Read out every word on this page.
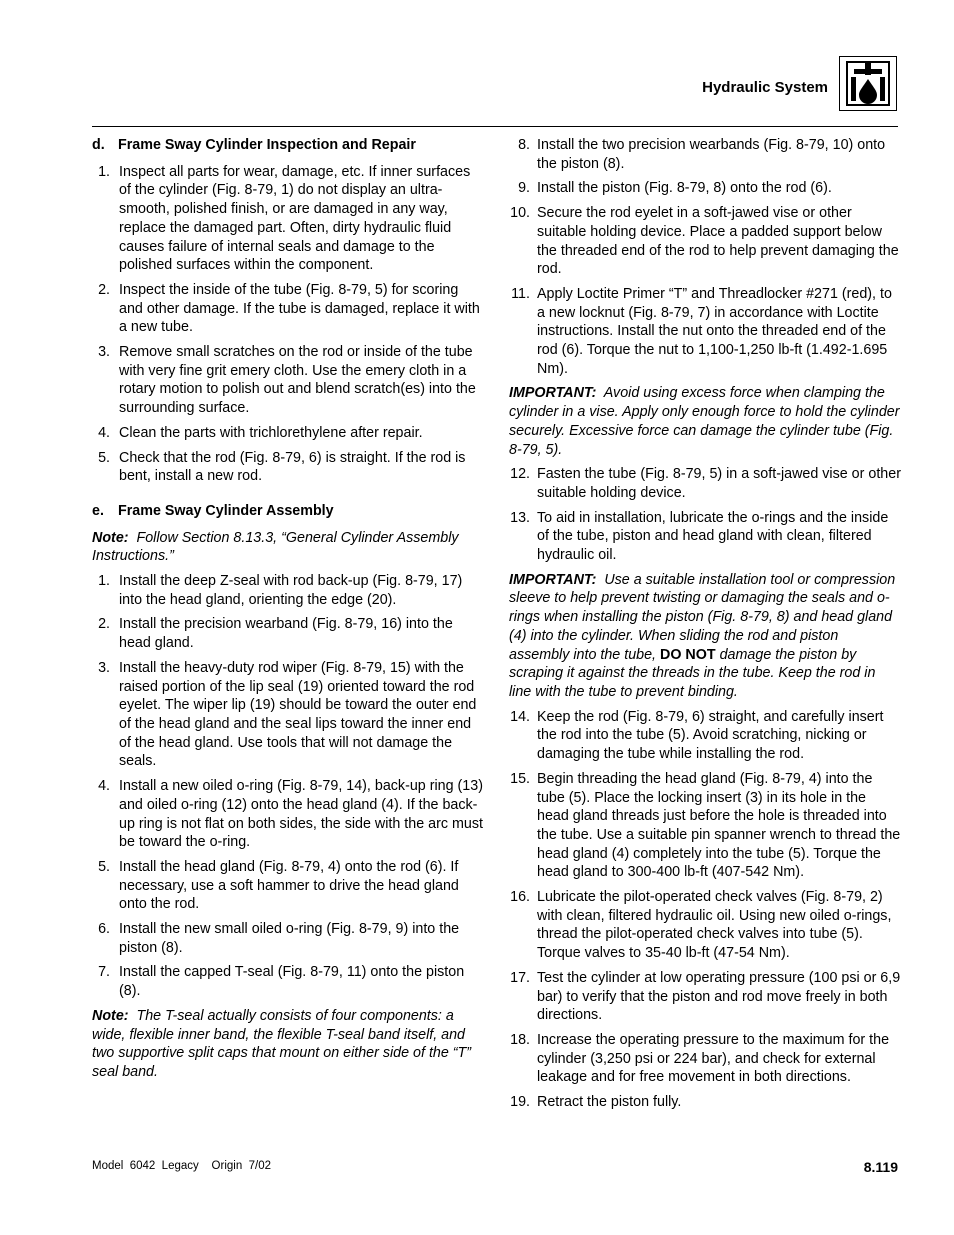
Hydraulic System

d. Frame Sway Cylinder Inspection and Repair

1. Inspect all parts for wear, damage, etc. If inner surfaces of the cylinder (Fig. 8-79, 1) do not display an ultra-smooth, polished finish, or are damaged in any way, replace the damaged part. Often, dirty hydraulic fluid causes failure of internal seals and damage to the polished surfaces within the component.
2. Inspect the inside of the tube (Fig. 8-79, 5) for scoring and other damage. If the tube is damaged, replace it with a new tube.
3. Remove small scratches on the rod or inside of the tube with very fine grit emery cloth. Use the emery cloth in a rotary motion to polish out and blend scratch(es) into the surrounding surface.
4. Clean the parts with trichlorethylene after repair.
5. Check that the rod (Fig. 8-79, 6) is straight. If the rod is bent, install a new rod.

e. Frame Sway Cylinder Assembly

Note: Follow Section 8.13.3, “General Cylinder Assembly Instructions.”

1. Install the deep Z-seal with rod back-up (Fig. 8-79, 17) into the head gland, orienting the edge (20).
2. Install the precision wearband (Fig. 8-79, 16) into the head gland.
3. Install the heavy-duty rod wiper (Fig. 8-79, 15) with the raised portion of the lip seal (19) oriented toward the rod eyelet. The wiper lip (19) should be toward the outer end of the head gland and the seal lips toward the inner end of the head gland. Use tools that will not damage the seals.
4. Install a new oiled o-ring (Fig. 8-79, 14), back-up ring (13) and oiled o-ring (12) onto the head gland (4). If the back-up ring is not flat on both sides, the side with the arc must be toward the o-ring.
5. Install the head gland (Fig. 8-79, 4) onto the rod (6). If necessary, use a soft hammer to drive the head gland onto the rod.
6. Install the new small oiled o-ring (Fig. 8-79, 9) into the piston (8).
7. Install the capped T-seal (Fig. 8-79, 11) onto the piston (8).

Note: The T-seal actually consists of four components: a wide, flexible inner band, the flexible T-seal band itself, and two supportive split caps that mount on either side of the “T” seal band.

8. Install the two precision wearbands (Fig. 8-79, 10) onto the piston (8).
9. Install the piston (Fig. 8-79, 8) onto the rod (6).
10. Secure the rod eyelet in a soft-jawed vise or other suitable holding device. Place a padded support below the threaded end of the rod to help prevent damaging the rod.
11. Apply Loctite Primer “T” and Threadlocker #271 (red), to a new locknut (Fig. 8-79, 7) in accordance with Loctite instructions. Install the nut onto the threaded end of the rod (6). Torque the nut to 1,100-1,250 lb-ft (1.492-1.695 Nm).

IMPORTANT: Avoid using excess force when clamping the cylinder in a vise. Apply only enough force to hold the cylinder securely. Excessive force can damage the cylinder tube (Fig. 8-79, 5).

12. Fasten the tube (Fig. 8-79, 5) in a soft-jawed vise or other suitable holding device.
13. To aid in installation, lubricate the o-rings and the inside of the tube, piston and head gland with clean, filtered hydraulic oil.

IMPORTANT: Use a suitable installation tool or compression sleeve to help prevent twisting or damaging the seals and o-rings when installing the piston (Fig. 8-79, 8) and head gland (4) into the cylinder. When sliding the rod and piston assembly into the tube, DO NOT damage the piston by scraping it against the threads in the tube. Keep the rod in line with the tube to prevent binding.

14. Keep the rod (Fig. 8-79, 6) straight, and carefully insert the rod into the tube (5). Avoid scratching, nicking or damaging the tube while installing the rod.
15. Begin threading the head gland (Fig. 8-79, 4) into the tube (5). Place the locking insert (3) in its hole in the head gland threads just before the hole is threaded into the tube. Use a suitable pin spanner wrench to thread the head gland (4) completely into the tube (5). Torque the head gland to 300-400 lb-ft (407-542 Nm).
16. Lubricate the pilot-operated check valves (Fig. 8-79, 2) with clean, filtered hydraulic oil. Using new oiled o-rings, thread the pilot-operated check valves into tube (5). Torque valves to 35-40 lb-ft (47-54 Nm).
17. Test the cylinder at low operating pressure (100 psi or 6,9 bar) to verify that the piston and rod move freely in both directions.
18. Increase the operating pressure to the maximum for the cylinder (3,250 psi or 224 bar), and check for external leakage and for free movement in both directions.
19. Retract the piston fully.
Model  6042  Legacy    Origin  7/02	8.119
